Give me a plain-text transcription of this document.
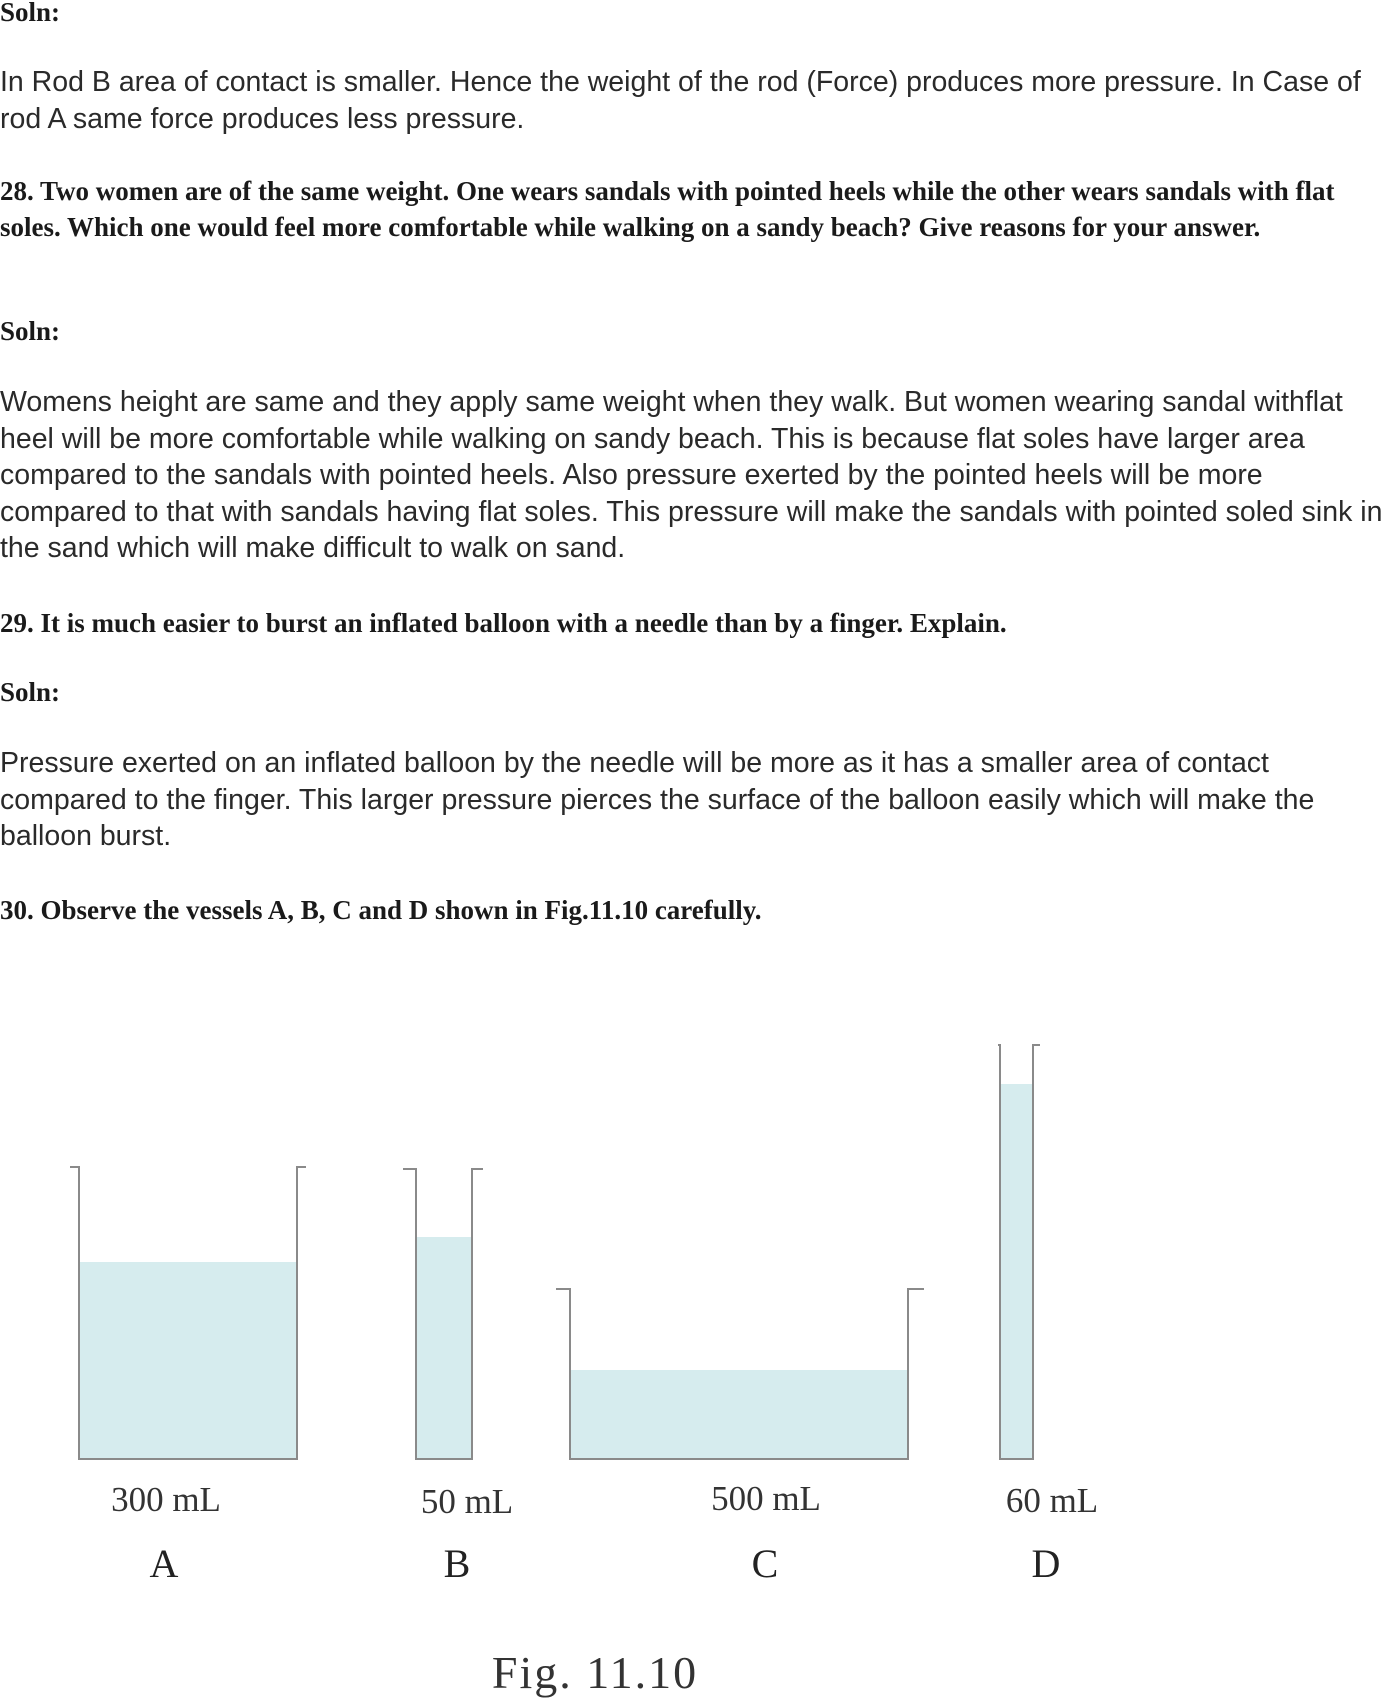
Soln:

In Rod B area of contact is smaller. Hence the weight of the rod (Force) produces more pressure. In Case of rod A same force produces less pressure.

28. Two women are of the same weight. One wears sandals with pointed heels while the other wears sandals with flat soles. Which one would feel more comfortable while walking on a sandy beach? Give reasons for your answer.

Soln:

Womens height are same and they apply same weight when they walk. But women wearing sandal withflat heel will be more comfortable while walking on sandy beach. This is because flat soles have larger area compared to the sandals with pointed heels. Also pressure exerted by the pointed heels will be more compared to that with sandals having flat soles. This pressure will make the sandals with pointed soled sink in the sand which will make difficult to walk on sand.

29. It is much easier to burst an inflated balloon with a needle than by a finger. Explain.

Soln:

Pressure exerted on an inflated balloon by the needle will be more as it has a smaller area of contact compared to the finger. This larger pressure pierces the surface of the balloon easily which will make the balloon burst.

30. Observe the vessels A, B, C and D shown in Fig.11.10 carefully.

300 mL	50 mL	500 mL	60 mL
A	B	C	D
Fig. 11.10
